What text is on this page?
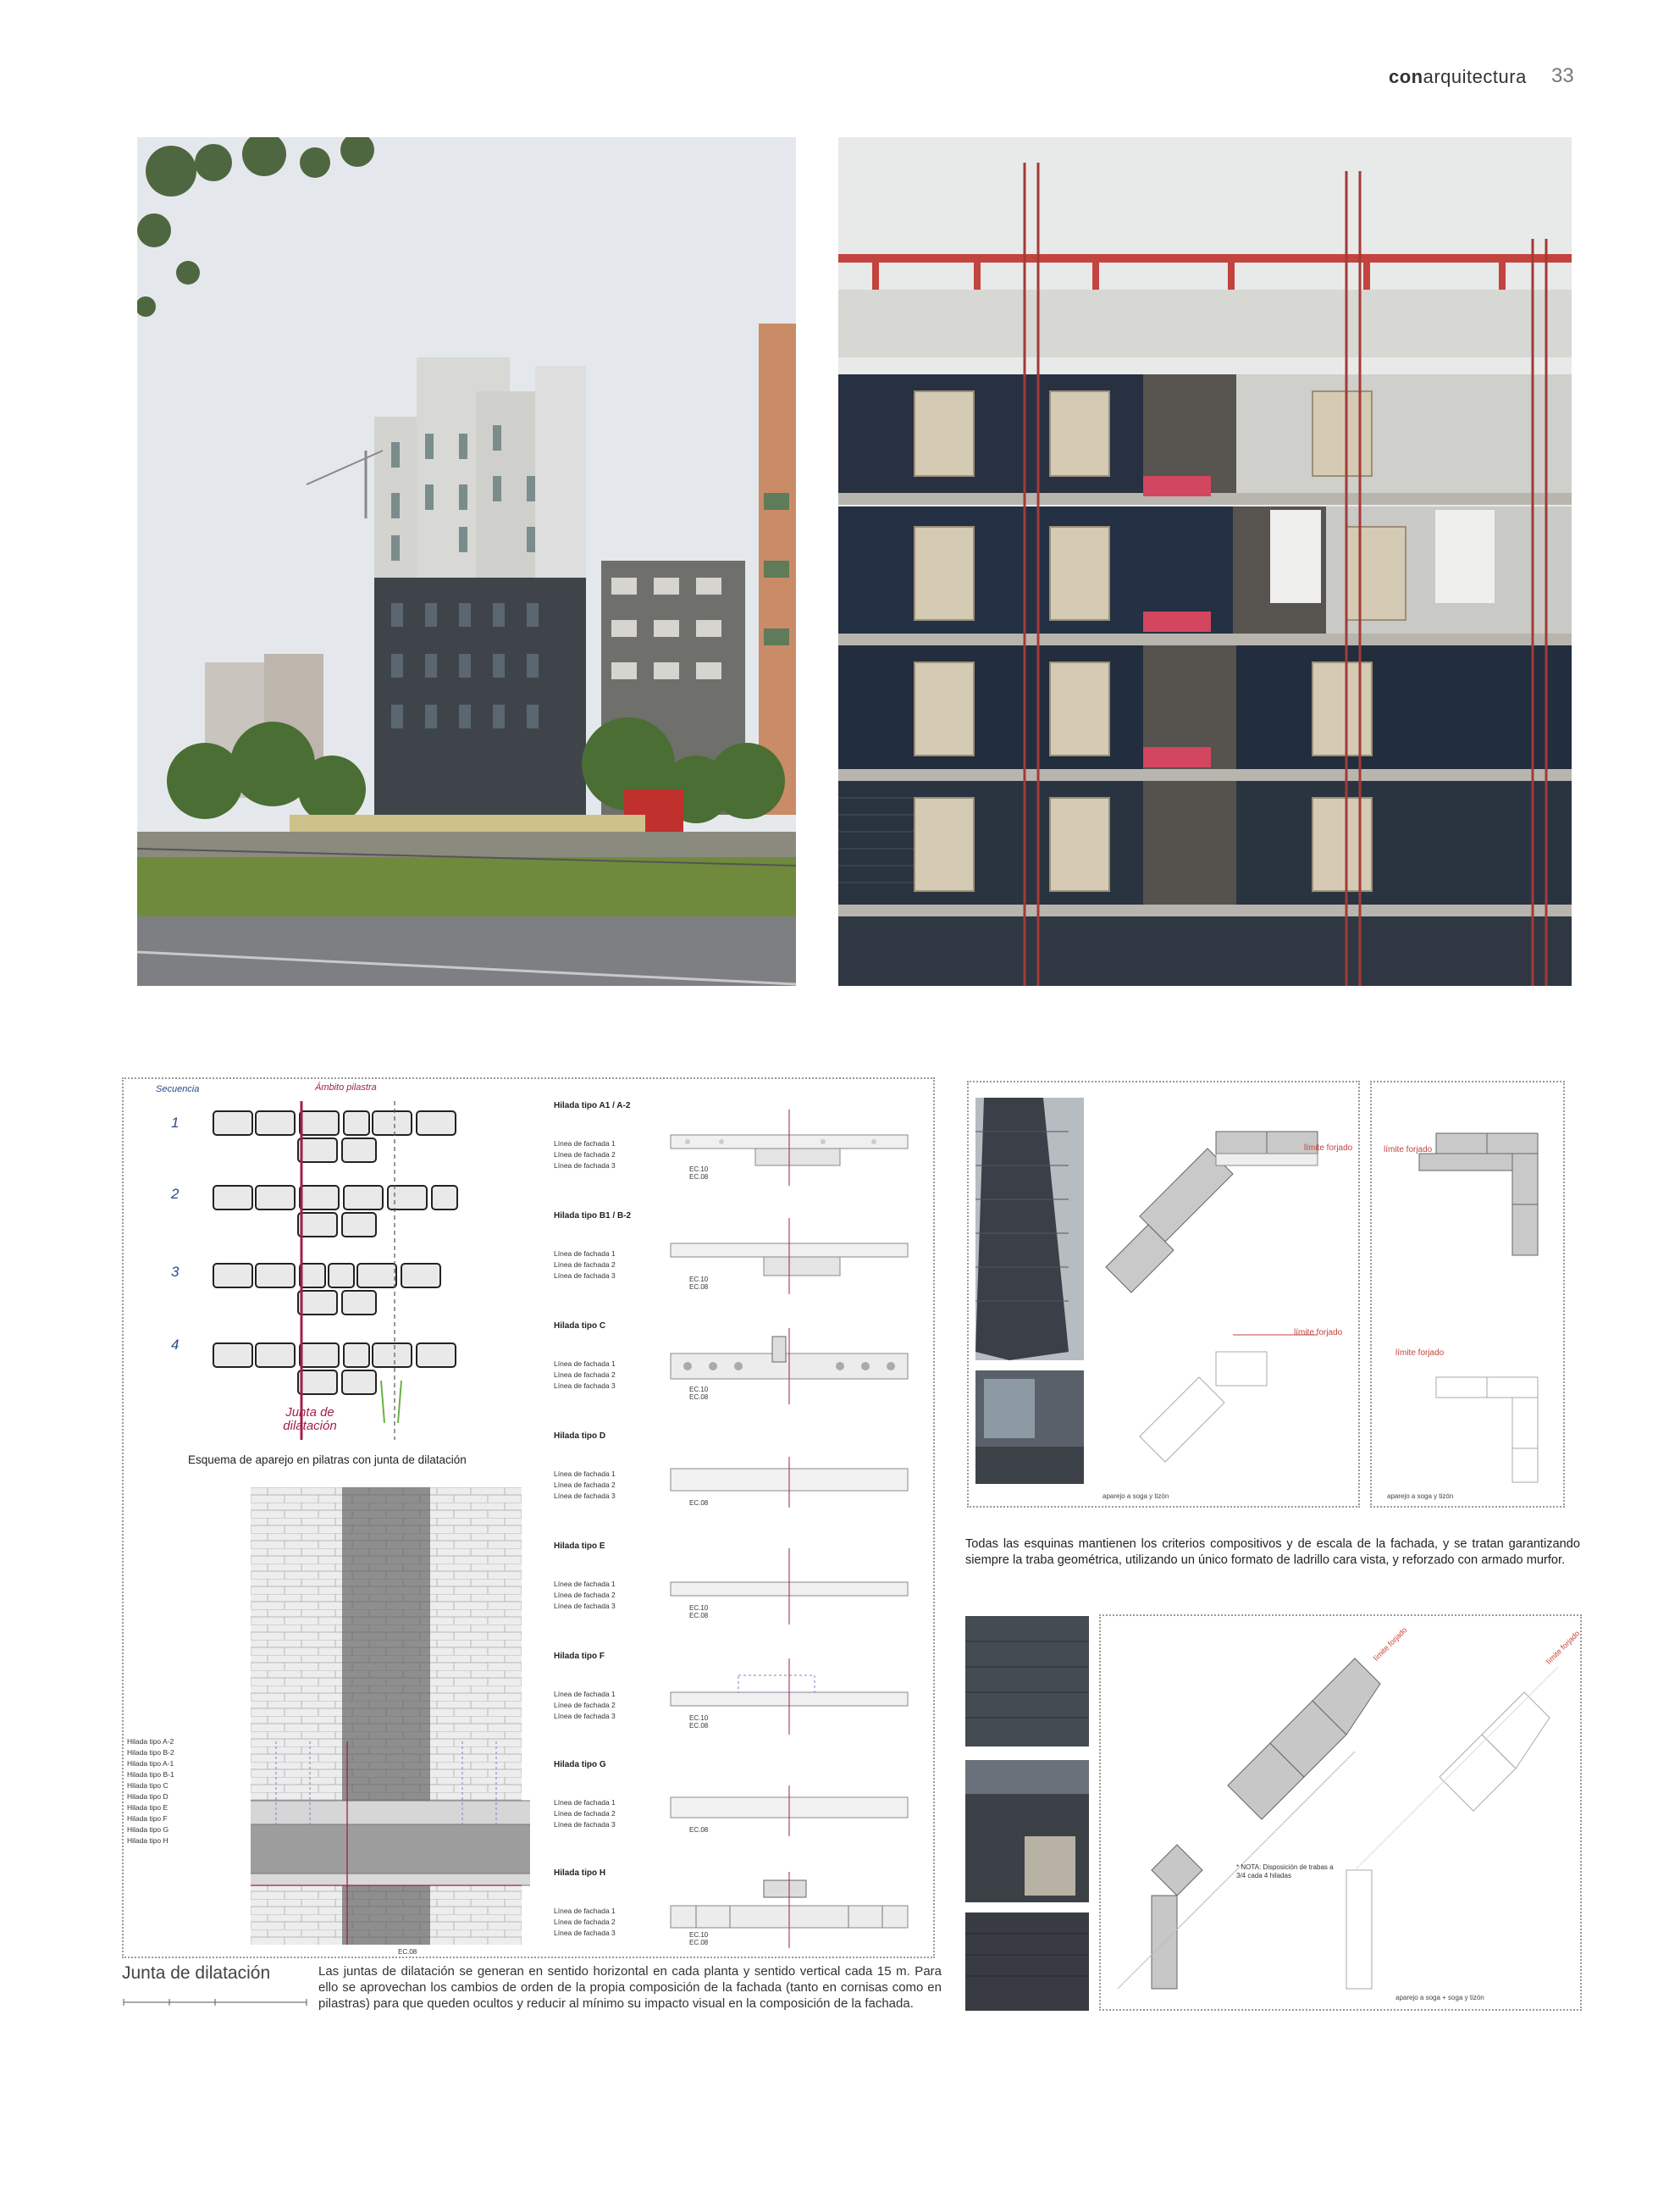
conarquitectura 33
Secuencia	Ámbito pilastra
1
2
3
4
Junta de dilatación
Esquema de aparejo en pilatras con junta de dilatación
EC.08
Hilada tipo A-2
Hilada tipo B-2
Hilada tipo A-1
Hilada tipo B-1
Hilada tipo C
Hilada tipo D
Hilada tipo E
Hilada tipo F
Hilada tipo G
Hilada tipo H
Hilada tipo A1 / A-2
Línea de fachada 1
Línea de fachada 2
Línea de fachada 3	EC.10
EC.08
Hilada tipo B1 / B-2
Línea de fachada 1
Línea de fachada 2
Línea de fachada 3	EC.10
EC.08
Hilada tipo C
Línea de fachada 1
Línea de fachada 2
Línea de fachada 3	EC.10
EC.08
Hilada tipo D
Línea de fachada 1
Línea de fachada 2
Línea de fachada 3
EC.08
Hilada tipo E
Línea de fachada 1
Línea de fachada 2
Línea de fachada 3	EC.10
EC.08
Hilada tipo F
Línea de fachada 1
Línea de fachada 2
Línea de fachada 3	EC.10
EC.08
Hilada tipo G
Línea de fachada 1
Línea de fachada 2
Línea de fachada 3
EC.08
Hilada tipo H
Línea de fachada 1
Línea de fachada 2
Línea de fachada 3	EC.10
EC.08
Junta de dilatación	Las juntas de dilatación se generan en sentido horizontal en cada planta y sentido vertical cada 15 m. Para ello se aprovechan los cambios de orden de la propia composición de la fachada (tanto en cornisas como en pilastras) para que queden ocultos y reducir al mínimo su impacto visual en la composición de la fachada.
límite forjado
límite forjado
aparejo a soga y tizón
límite forjado
límite forjado
aparejo a soga y tizón
Todas las esquinas mantienen los criterios compositivos y de escala de la fachada, y se tratan garantizando siempre la traba geométrica, utilizando un único formato de ladrillo cara vista, y reforzado con armado murfor.
límite forjado	límite forjado
* NOTA: Disposición de trabas a 3/4 cada 4 hiladas
aparejo a soga + soga y tizón
